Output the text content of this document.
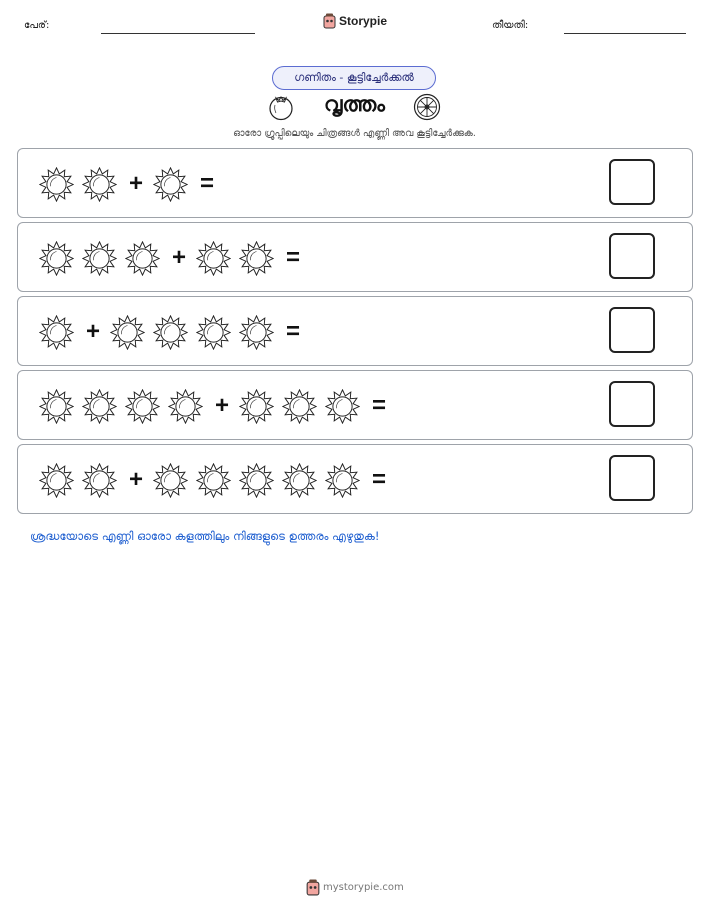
പേര്:	Storypie	തീയതി:
ഗണിതം - കൂട്ടിച്ചേർക്കൽ
വൃത്തം
ഓരോ ഗ്രൂപ്പിലെയും ചിത്രങ്ങൾ എണ്ണി അവ കൂട്ടിച്ചേർക്കുക.
+ =
+	=
+	=
+	=
+	=
ശ്രദ്ധയോടെ എണ്ണി ഓരോ കളത്തിലും നിങ്ങളുടെ ഉത്തരം എഴുതുക!
mystorypie.com
